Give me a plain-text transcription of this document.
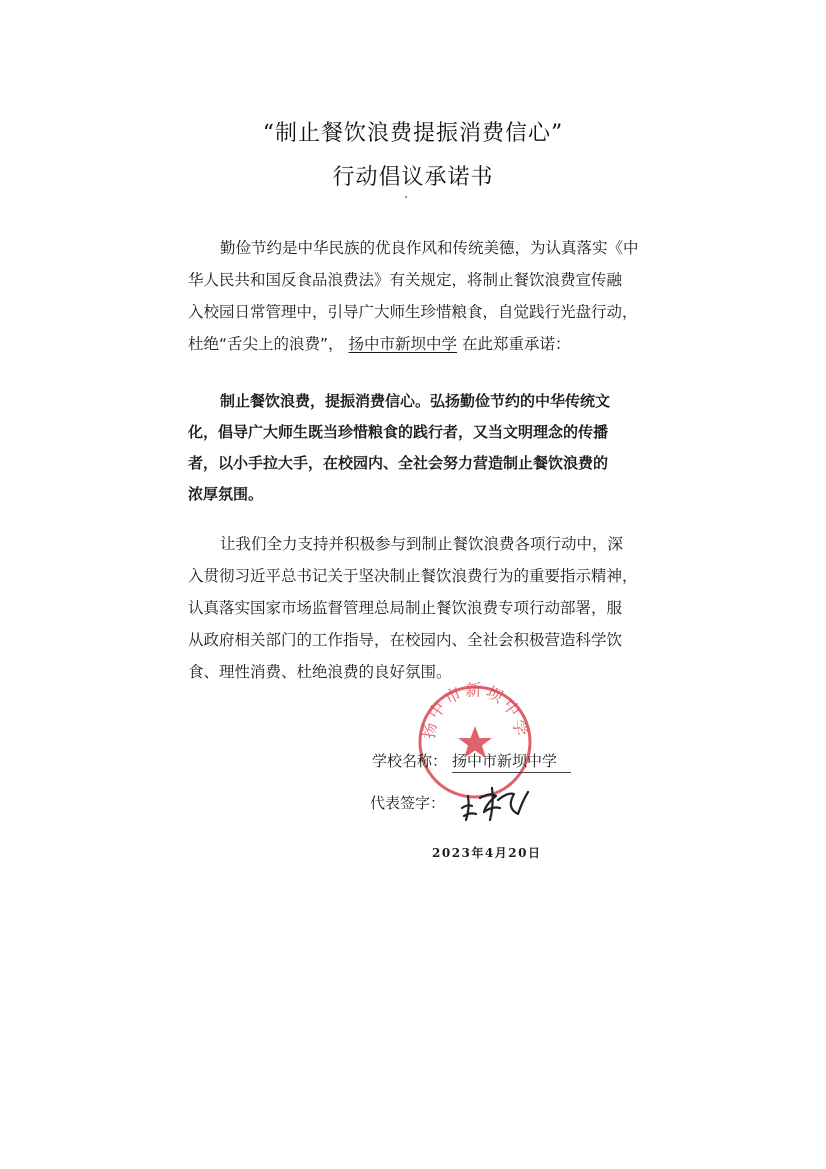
“制止餐饮浪费提振消费信心”
行动倡议承诺书
勤俭节约是中华民族的优良作风和传统美德，为认真落实《中
华人民共和国反食品浪费法》有关规定，将制止餐饮浪费宣传融
入校园日常管理中，引导广大师生珍惜粮食，自觉践行光盘行动，
杜绝“舌尖上的浪费”， 扬中市新坝中学 在此郑重承诺：
制止餐饮浪费，提振消费信心。弘扬勤俭节约的中华传统文
化，倡导广大师生既当珍惜粮食的践行者，又当文明理念的传播
者，以小手拉大手，在校园内、全社会努力营造制止餐饮浪费的
浓厚氛围。
让我们全力支持并积极参与到制止餐饮浪费各项行动中，深
入贯彻习近平总书记关于坚决制止餐饮浪费行为的重要指示精神，
认真落实国家市场监督管理总局制止餐饮浪费专项行动部署，服
从政府相关部门的工作指导，在校园内、全社会积极营造科学饮
食、理性消费、杜绝浪费的良好氛围。
扬中市新坝中学
学校名称： 扬中市新坝中学
代表签字：
2023年4月20日
